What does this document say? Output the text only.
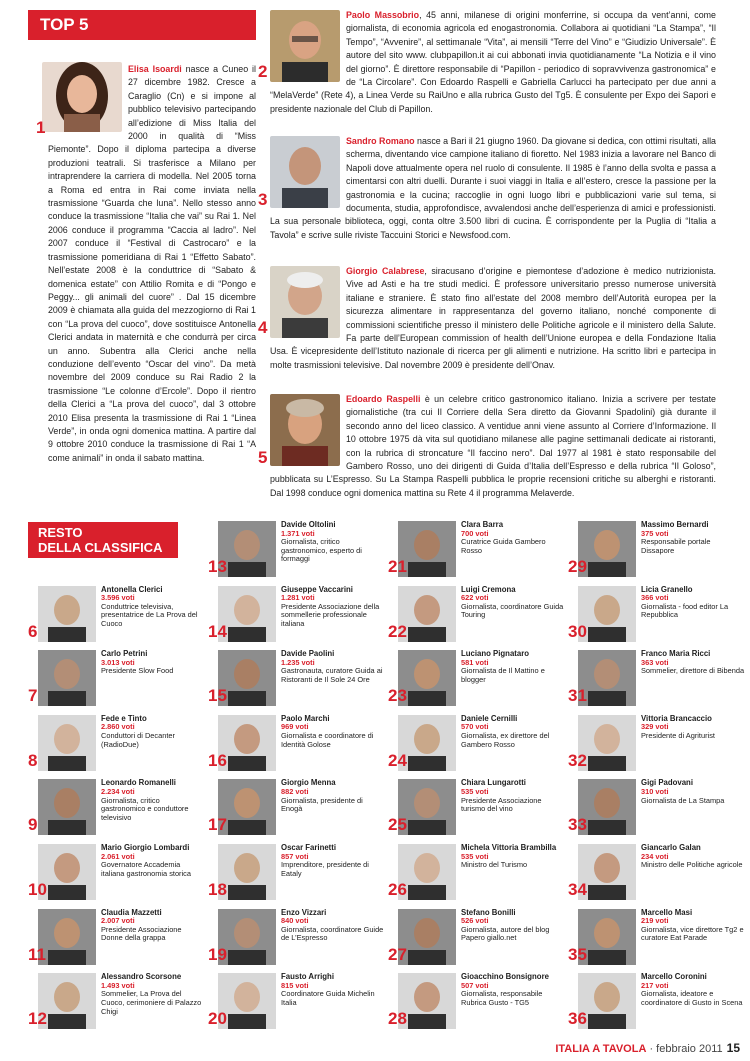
TOP 5
1
Elisa Isoardi nasce a Cuneo il 27 dicembre 1982. Cresce a Caraglio (Cn) e si impone al pubblico televisivo partecipando all’edizione di Miss Italia del 2000 in qualità di “Miss Piemonte”. Dopo il diploma partecipa a diverse produzioni teatrali. Si trasferisce a Milano per intraprendere la carriera di modella. Nel 2005 torna a Roma ed entra in Rai come inviata nella trasmissione “Guarda che luna”. Nello stesso anno conduce la trasmissione “Italia che vai” su Rai 1. Nel 2006 conduce il programma “Caccia al ladro”. Nel 2007 conduce il “Festival di Castrocaro” e la trasmissione pomeridiana di Rai 1 “Effetto Sabato”. Nell’estate 2008 è la conduttrice di “Sabato & domenica estate” con Attilio Romita e di “Pongo e Peggy... gli animali del cuore” . Dal 15 dicembre 2009 è chiamata alla guida del mezzogiorno di Rai 1 con “La prova del cuoco”, dove sostituisce Antonella Clerici andata in maternità e che condurrà per circa un anno. Subentra alla Clerici anche nella conduzione dell’evento “Oscar del vino”. Da metà novembre del 2009 conduce su Rai Radio 2 la trasmissione “Le colonne d’Ercole”. Dopo il rientro della Clerici a “La prova del cuoco”, dal 3 ottobre 2010 Elisa presenta la trasmissione di Rai 1 “Linea Verde”, in onda ogni domenica mattina. A partire dal 9 ottobre 2010 conduce la trasmissione di Rai 1 “A come animali” in onda il sabato mattina.
2
Paolo Massobrio, 45 anni, milanese di origini monferrine, si occupa da vent’anni, come giornalista, di economia agricola ed enogastronomia. Collabora ai quotidiani “La Stampa”, “Il Tempo”, “Avvenire”, al settimanale “Vita”, ai mensili “Terre del Vino” e “Giudizio Universale”. È autore del sito www. clubpapillon.it ai cui abbonati invia quotidianamente “La Notizia e il vino del giorno”. È direttore responsabile di “Papillon - periodico di sopravvivenza gastronomica” e de “La Circolare”. Con Edoardo Raspelli e Gabriella Carlucci ha partecipato per due anni a “MelaVerde” (Rete 4), a Linea Verde su RaiUno e alla rubrica Gusto del Tg5. È consulente per Expo dei Sapori e presidente nazionale del Club di Papillon.
3
Sandro Romano nasce a Bari il 21 giugno 1960. Da giovane si dedica, con ottimi risultati, alla scherma, diventando vice campione italiano di fioretto. Nel 1983 inizia a lavorare nel Banco di Napoli dove attualmente opera nel ruolo di consulente. Il 1985 è l’anno della svolta e passa a cimentarsi con altri duelli. Durante i suoi viaggi in Italia e all’estero, cresce la passione per la gastronomia e la cucina; raccoglie in ogni luogo libri e pubblicazioni varie sul tema, si documenta, studia, approfondisce, avvalendosi anche dell’esperienza di amici e professionisti. La sua personale biblioteca, oggi, conta oltre 3.500 libri di cucina. È corrispondente per la Puglia di “Italia a Tavola” e scrive sulle riviste Taccuini Storici e Newsfood.com.
4
Giorgio Calabrese, siracusano d’origine e piemontese d’adozione è medico nutrizionista. Vive ad Asti e ha tre studi medici. È professore universitario presso numerose università italiane e straniere. È stato fino all’estate del 2008 membro dell’Autorità europea per la sicurezza alimentare in rappresentanza del governo italiano, nonché componente di commissioni scientifiche presso il ministero delle Politiche agricole e il ministero della Salute. Fa parte dell’European commission of health dell’Unione europea e della Fondazione Italia Usa. È vicepresidente dell’Istituto nazionale di ricerca per gli alimenti e nutrizione. Ha scritto libri e partecipa in molte trasmissioni televisive. Dal novembre 2009 è presidente dell’Onav.
5
Edoardo Raspelli è un celebre critico gastronomico italiano. Inizia a scrivere per testate giornalistiche (tra cui Il Corriere della Sera diretto da Giovanni Spadolini) già durante il secondo anno del liceo classico. A ventidue anni viene assunto al Corriere d’Informazione. Il 10 ottobre 1975 dà vita sul quotidiano milanese alle pagine settimanali dedicate ai ristoranti, con la rubrica di stroncature “Il faccino nero”. Dal 1977 al 1981 è stato responsabile del Gambero Rosso, uno dei dirigenti di Guida d’Italia dell’Espresso e della rubrica “Il Goloso”, pubblicata su L’Espresso. Su La Stampa Raspelli pubblica le proprie recensioni critiche su alberghi e ristoranti. Dal 1998 conduce ogni domenica mattina su Rete 4 il programma Melaverde.
RESTO
DELLA CLASSIFICA
6
Antonella Clerici
3.596 voti
Conduttrice televisiva, presentatrice de La Prova del Cuoco
7
Carlo Petrini
3.013 voti
Presidente Slow Food
8
Fede e Tinto
2.860 voti
Conduttori di Decanter (RadioDue)
9
Leonardo Romanelli
2.234 voti
Giornalista, critico gastronomico e conduttore televisivo
10
Mario Giorgio Lombardi
2.061 voti
Governatore Accademia italiana gastronomia storica
11
Claudia Mazzetti
2.007 voti
Presidente Associazione Donne della grappa
12
Alessandro Scorsone
1.493 voti
Sommelier, La Prova del Cuoco, cerimoniere di Palazzo Chigi
13
Davide Oltolini
1.371 voti
Giornalista, critico gastronomico, esperto di formaggi
14
Giuseppe Vaccarini
1.281 voti
Presidente Associazione della sommellerie professionale italiana
15
Davide Paolini
1.235 voti
Gastronauta, curatore Guida ai Ristoranti de Il Sole 24 Ore
16
Paolo Marchi
969 voti
Giornalista e coordinatore di Identità Golose
17
Giorgio Menna
882 voti
Giornalista, presidente di Enogà
18
Oscar Farinetti
857 voti
Imprenditore, presidente di Eataly
19
Enzo Vizzari
840 voti
Giornalista, coordinatore Guide de L’Espresso
20
Fausto Arrighi
815 voti
Coordinatore Guida Michelin Italia
21
Clara Barra
700 voti
Curatrice Guida Gambero Rosso
22
Luigi Cremona
622 voti
Giornalista, coordinatore Guida Touring
23
Luciano Pignataro
581 voti
Giornalista de Il Mattino e blogger
24
Daniele Cernilli
570 voti
Giornalista, ex direttore del Gambero Rosso
25
Chiara Lungarotti
535 voti
Presidente Associazione turismo del vino
26
Michela Vittoria Brambilla
535 voti
Ministro del Turismo
27
Stefano Bonilli
526 voti
Giornalista, autore del blog Papero giallo.net
28
Gioacchino Bonsignore
507 voti
Giornalista, responsabile Rubrica Gusto - TG5
29
Massimo Bernardi
375 voti
Responsabile portale Dissapore
30
Licia Granello
366 voti
Giornalista - food editor La Repubblica
31
Franco Maria Ricci
363 voti
Sommelier, direttore di Bibenda
32
Vittoria Brancaccio
329 voti
Presidente di Agriturist
33
Gigi Padovani
310 voti
Giornalista de La Stampa
34
Giancarlo Galan
234 voti
Ministro delle Politiche agricole
35
Marcello Masi
219 voti
Giornalista, vice direttore Tg2 e curatore Eat Parade
36
Marcello Coronini
217 voti
Giornalista, ideatore e coordinatore di Gusto in Scena
ITALIA A TAVOLA · febbraio 2011 15
